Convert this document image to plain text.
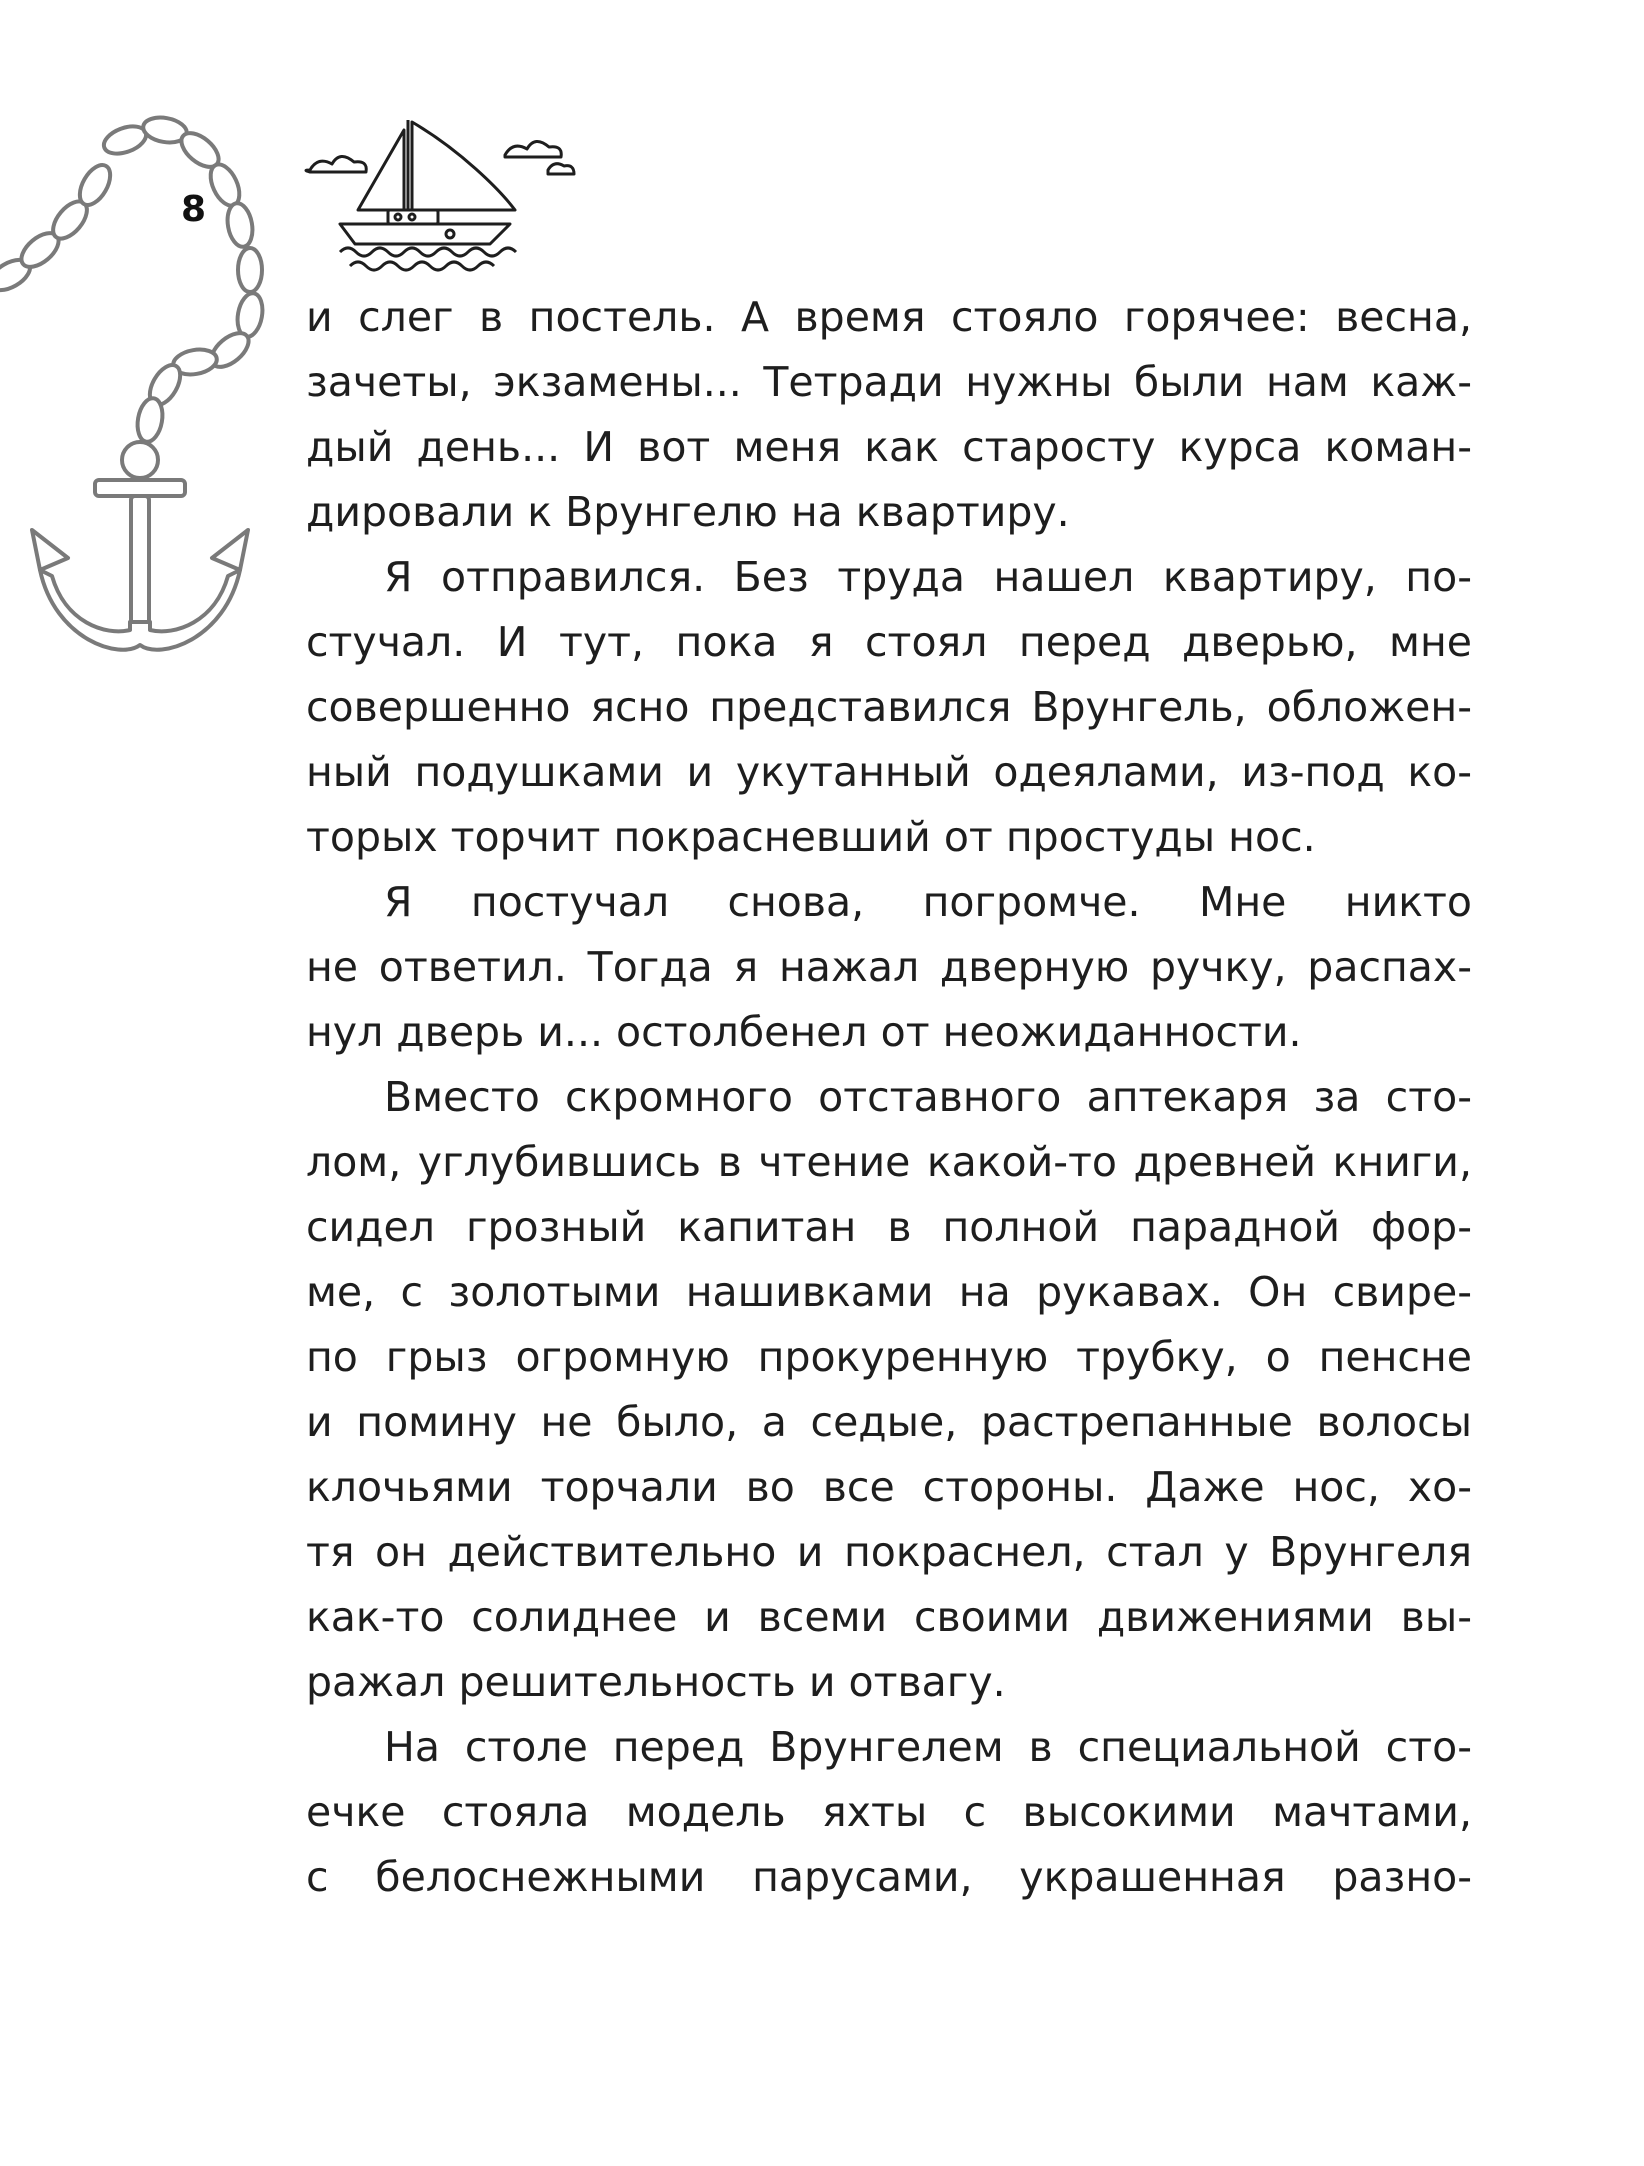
8
и слег в постель. А время стояло горячее: весна,
зачеты, экзамены... Тетради нужны были нам каж-
дый день... И вот меня как старосту курса коман-
дировали к Врунгелю на квартиру.
Я отправился. Без труда нашел квартиру, по-
стучал. И тут, пока я стоял перед дверью, мне
совершенно ясно представился Врунгель, обложен-
ный подушками и укутанный одеялами, из-под ко-
торых торчит покрасневший от простуды нос.
Я постучал снова, погромче. Мне никто
не ответил. Тогда я нажал дверную ручку, распах-
нул дверь и... остолбенел от неожиданности.
Вместо скромного отставного аптекаря за сто-
лом, углубившись в чтение какой-то древней книги,
сидел грозный капитан в полной парадной фор-
ме, с золотыми нашивками на рукавах. Он свире-
по грыз огромную прокуренную трубку, о пенсне
и помину не было, а седые, растрепанные волосы
клочьями торчали во все стороны. Даже нос, хо-
тя он действительно и покраснел, стал у Врунгеля
как-то солиднее и всеми своими движениями вы-
ражал решительность и отвагу.
На столе перед Врунгелем в специальной сто-
ечке стояла модель яхты с высокими мачтами,
с белоснежными парусами, украшенная разно-
